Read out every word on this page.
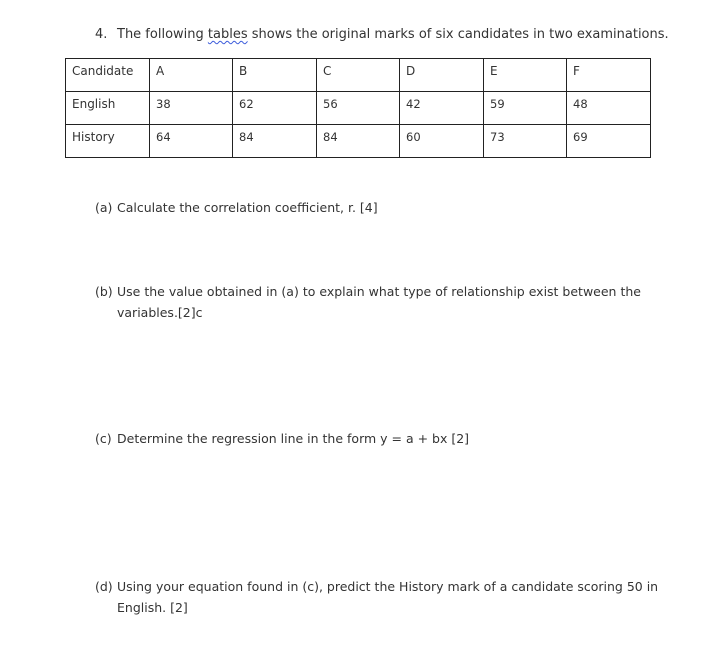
4. The following tables shows the original marks of six candidates in two examinations.
Candidate	A	B	C	D	E	F
English	38	62	56	42	59	48
History	64	84	84	60	73	69
(a) Calculate the correlation coefficient, r. [4]
(b) Use the value obtained in (a) to explain what type of relationship exist between the
variables.[2]c
(c) Determine the regression line in the form y = a + bx [2]
(d) Using your equation found in (c), predict the History mark of a candidate scoring 50 in
English. [2]
